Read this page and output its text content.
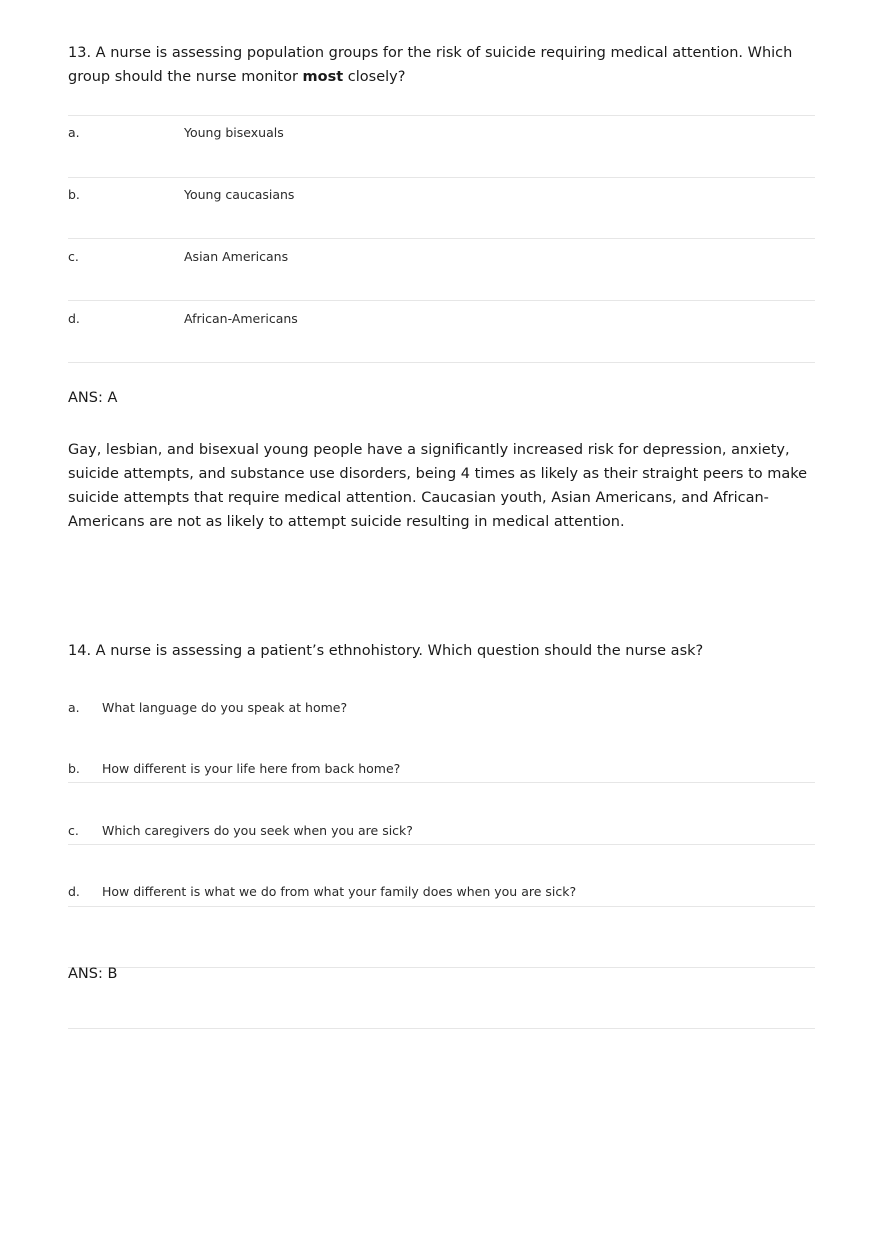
13. A nurse is assessing population groups for the risk of suicide requiring medical attention. Which group should the nurse monitor most closely?
a.	Young bisexuals
b.	Young caucasians
c.	Asian Americans
d.	African-Americans
ANS: A
Gay, lesbian, and bisexual young people have a significantly increased risk for depression, anxiety, suicide attempts, and substance use disorders, being 4 times as likely as their straight peers to make suicide attempts that require medical attention. Caucasian youth, Asian Americans, and African-Americans are not as likely to attempt suicide resulting in medical attention.
14. A nurse is assessing a patient’s ethnohistory. Which question should the nurse ask?
a. What language do you speak at home?
b. How different is your life here from back home?
c. Which caregivers do you seek when you are sick?
d. How different is what we do from what your family does when you are sick?
ANS: B
